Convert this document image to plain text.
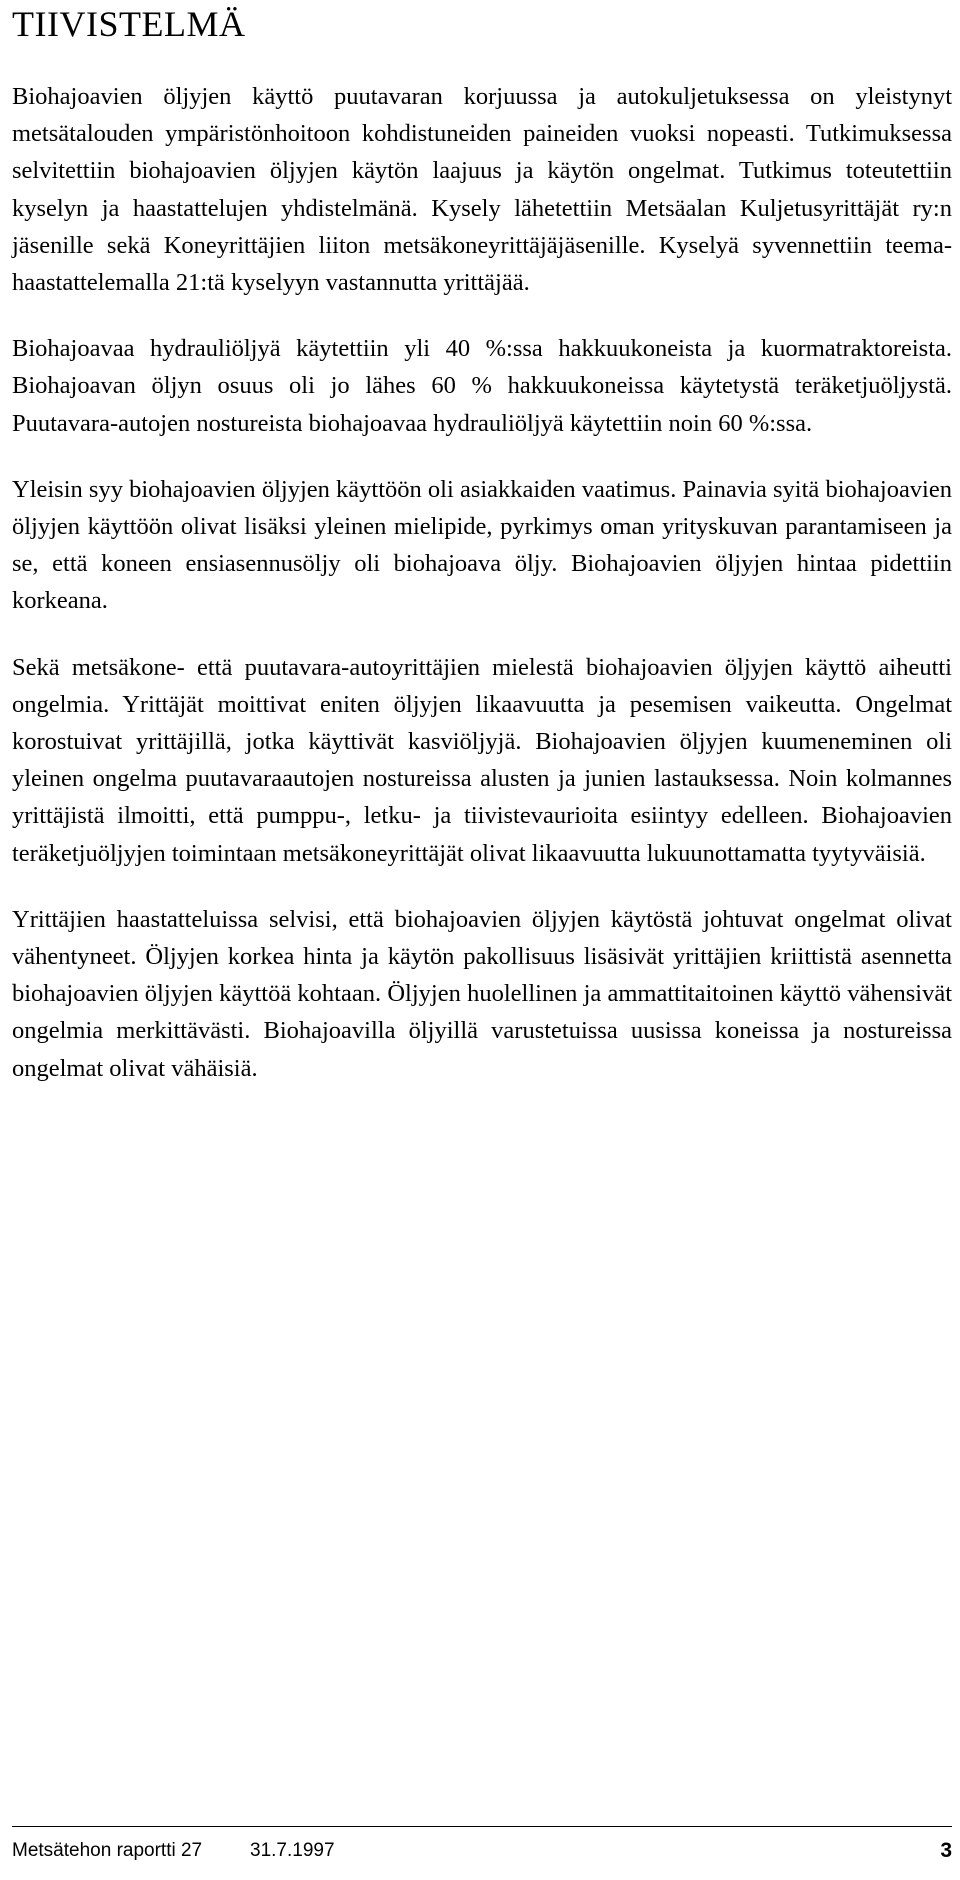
TIIVISTELMÄ

Biohajoavien öljyjen käyttö puutavaran korjuussa ja autokuljetuksessa on yleistynyt metsätalouden ympäristönhoitoon kohdistuneiden paineiden vuoksi nopeasti. Tutkimuksessa selvitettiin biohajoavien öljyjen käytön laajuus ja käytön ongelmat. Tutkimus toteutettiin kyselyn ja haastattelujen yhdistelmänä. Kysely lähetettiin Metsäalan Kuljetusyrittäjät ry:n jäsenille sekä Koneyrittäjien liiton metsäkoneyrittäjäjäsenille. Kyselyä syvennettiin teemahaastattelemalla 21:tä kyselyyn vastannutta yrittäjää.

Biohajoavaa hydrauliöljyä käytettiin yli 40 %:ssa hakkuukoneista ja kuormatraktoreista. Biohajoavan öljyn osuus oli jo lähes 60 % hakkuukoneissa käytetystä teräketjuöljystä. Puutavara-autojen nostureista biohajoavaa hydrauliöljyä käytettiin noin 60 %:ssa.

Yleisin syy biohajoavien öljyjen käyttöön oli asiakkaiden vaatimus. Painavia syitä biohajoavien öljyjen käyttöön olivat lisäksi yleinen mielipide, pyrkimys oman yrityskuvan parantamiseen ja se, että koneen ensiasennusöljy oli biohajoava öljy. Biohajoavien öljyjen hintaa pidettiin korkeana.

Sekä metsäkone- että puutavara-autoyrittäjien mielestä biohajoavien öljyjen käyttö aiheutti ongelmia. Yrittäjät moittivat eniten öljyjen likaavuutta ja pesemisen vaikeutta. Ongelmat korostuivat yrittäjillä, jotka käyttivät kasviöljyjä. Biohajoavien öljyjen kuumeneminen oli yleinen ongelma puutavaraautojen nostureissa alusten ja junien lastauksessa. Noin kolmannes yrittäjistä ilmoitti, että pumppu-, letku- ja tiivistevaurioita esiintyy edelleen. Biohajoavien teräketjuöljyjen toimintaan metsäkoneyrittäjät olivat likaavuutta lukuunottamatta tyytyväisiä.

Yrittäjien haastatteluissa selvisi, että biohajoavien öljyjen käytöstä johtuvat ongelmat olivat vähentyneet. Öljyjen korkea hinta ja käytön pakollisuus lisäsivät yrittäjien kriittistä asennetta biohajoavien öljyjen käyttöä kohtaan. Öljyjen huolellinen ja ammattitaitoinen käyttö vähensivät ongelmia merkittävästi. Biohajoavilla öljyillä varustetuissa uusissa koneissa ja nostureissa ongelmat olivat vähäisiä.

Metsätehon raportti 27	31.7.1997	3
